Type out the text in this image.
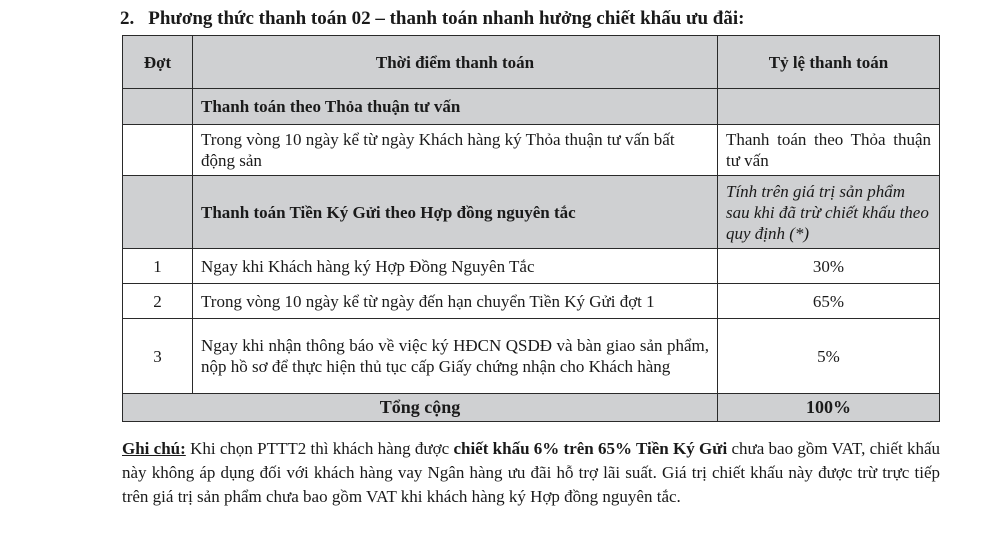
2. Phương thức thanh toán 02 – thanh toán nhanh hưởng chiết khấu ưu đãi:
Đợt	Thời điểm thanh toán	Tỷ lệ thanh toán
	Thanh toán theo Thỏa thuận tư vấn	
	Trong vòng 10 ngày kể từ ngày Khách hàng ký Thỏa thuận tư vấn bất động sản	Thanh toán theo Thỏa thuận tư vấn
	Thanh toán Tiền Ký Gửi theo Hợp đồng nguyên tắc	Tính trên giá trị sản phẩm sau khi đã trừ chiết khấu theo quy định (*)
1	Ngay khi Khách hàng ký Hợp Đồng Nguyên Tắc	30%
2	Trong vòng 10 ngày kể từ ngày đến hạn chuyển Tiền Ký Gửi đợt 1	65%
3	Ngay khi nhận thông báo về việc ký HĐCN QSDĐ và bàn giao sản phẩm, nộp hồ sơ để thực hiện thủ tục cấp Giấy chứng nhận cho Khách hàng	5%
Tổng cộng		100%
Ghi chú: Khi chọn PTTT2 thì khách hàng được chiết khấu 6% trên 65% Tiền Ký Gửi chưa bao gồm VAT, chiết khấu này không áp dụng đối với khách hàng vay Ngân hàng ưu đãi hỗ trợ lãi suất. Giá trị chiết khấu này được trừ trực tiếp trên giá trị sản phẩm chưa bao gồm VAT khi khách hàng ký Hợp đồng nguyên tắc.
